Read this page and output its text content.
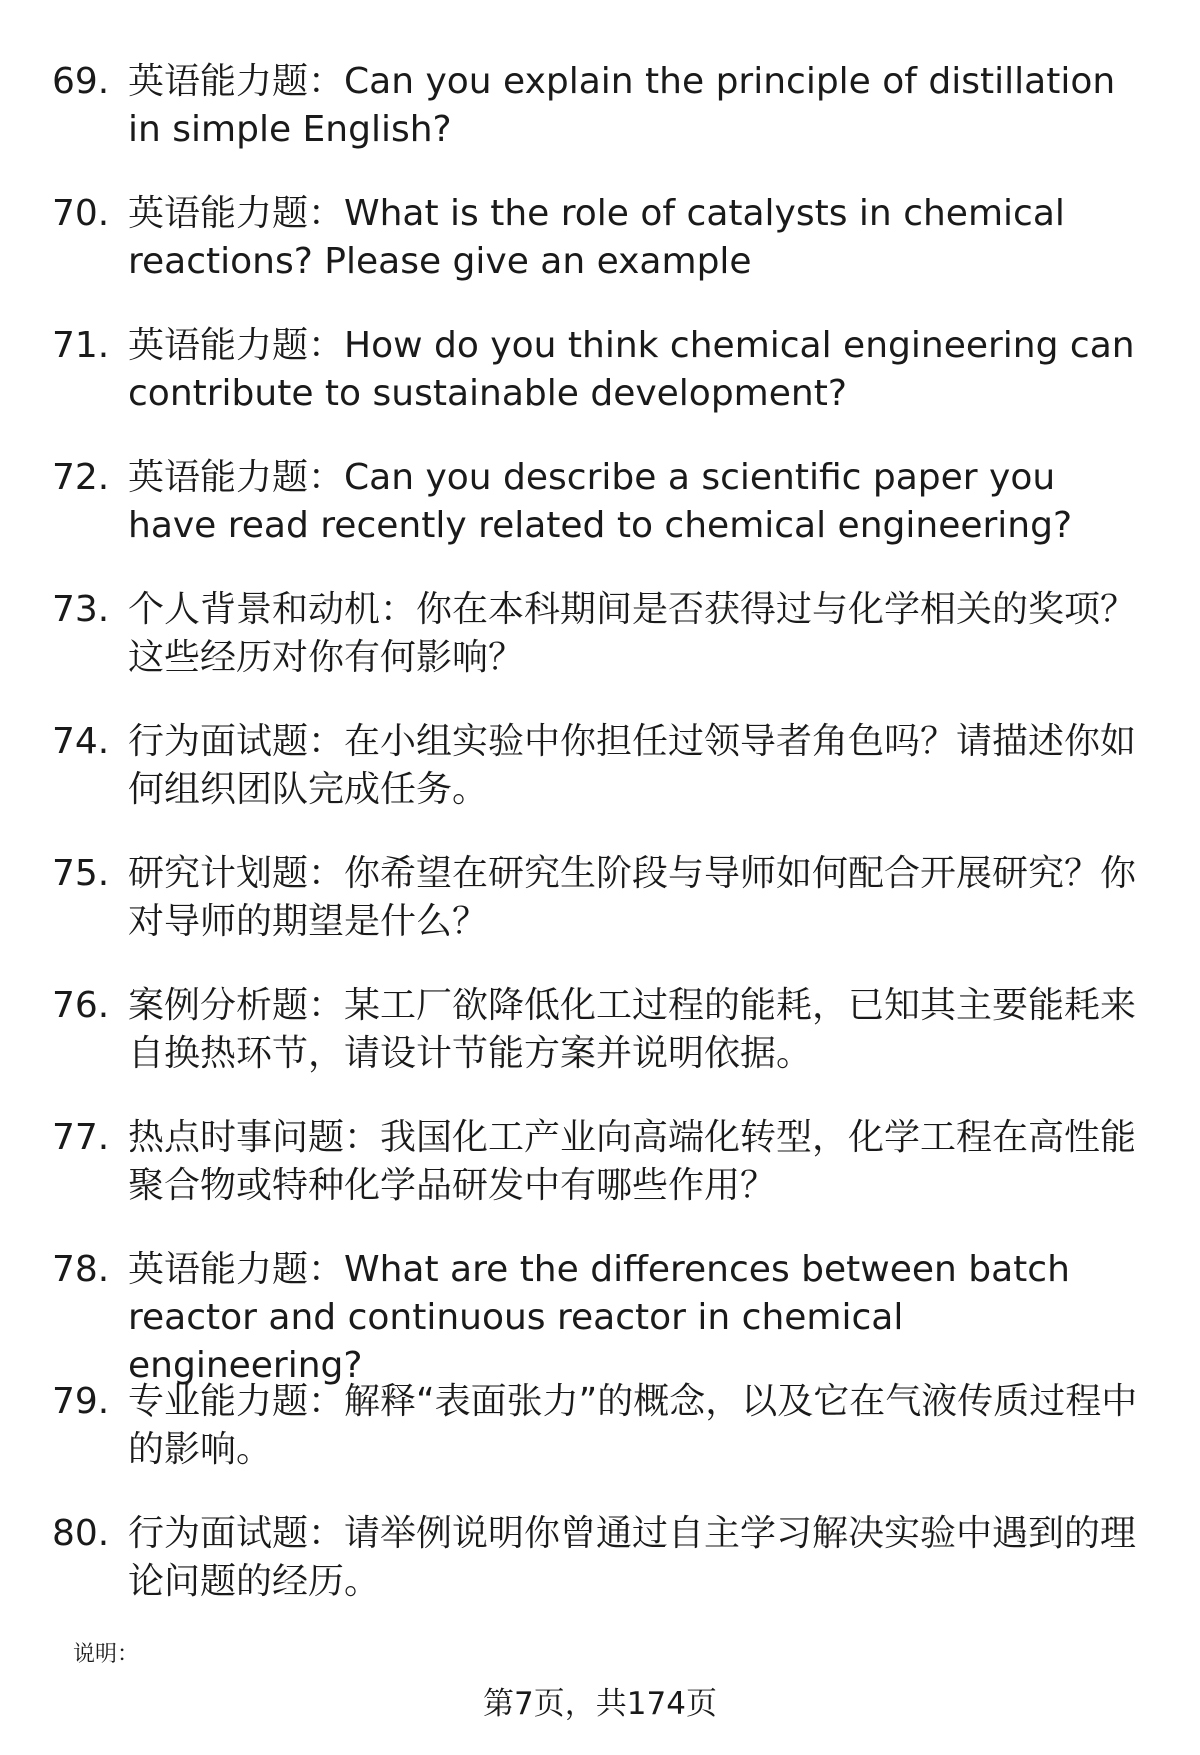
69. 英语能力题：Can you explain the principle of distillation in simple English?
70. 英语能力题：What is the role of catalysts in chemical reactions? Please give an example
71. 英语能力题：How do you think chemical engineering can contribute to sustainable development?
72. 英语能力题：Can you describe a scientific paper you have read recently related to chemical engineering?
73. 个人背景和动机：你在本科期间是否获得过与化学相关的奖项？这些经历对你有何影响？
74. 行为面试题：在小组实验中你担任过领导者角色吗？请描述你如何组织团队完成任务。
75. 研究计划题：你希望在研究生阶段与导师如何配合开展研究？你对导师的期望是什么？
76. 案例分析题：某工厂欲降低化工过程的能耗，已知其主要能耗来自换热环节，请设计节能方案并说明依据。
77. 热点时事问题：我国化工产业向高端化转型，化学工程在高性能聚合物或特种化学品研发中有哪些作用？
78. 英语能力题：What are the differences between batch reactor and continuous reactor in chemical engineering?
79. 专业能力题：解释“表面张力”的概念，以及它在气液传质过程中的影响。
80. 行为面试题：请举例说明你曾通过自主学习解决实验中遇到的理论问题的经历。
说明：
第7页，共174页
